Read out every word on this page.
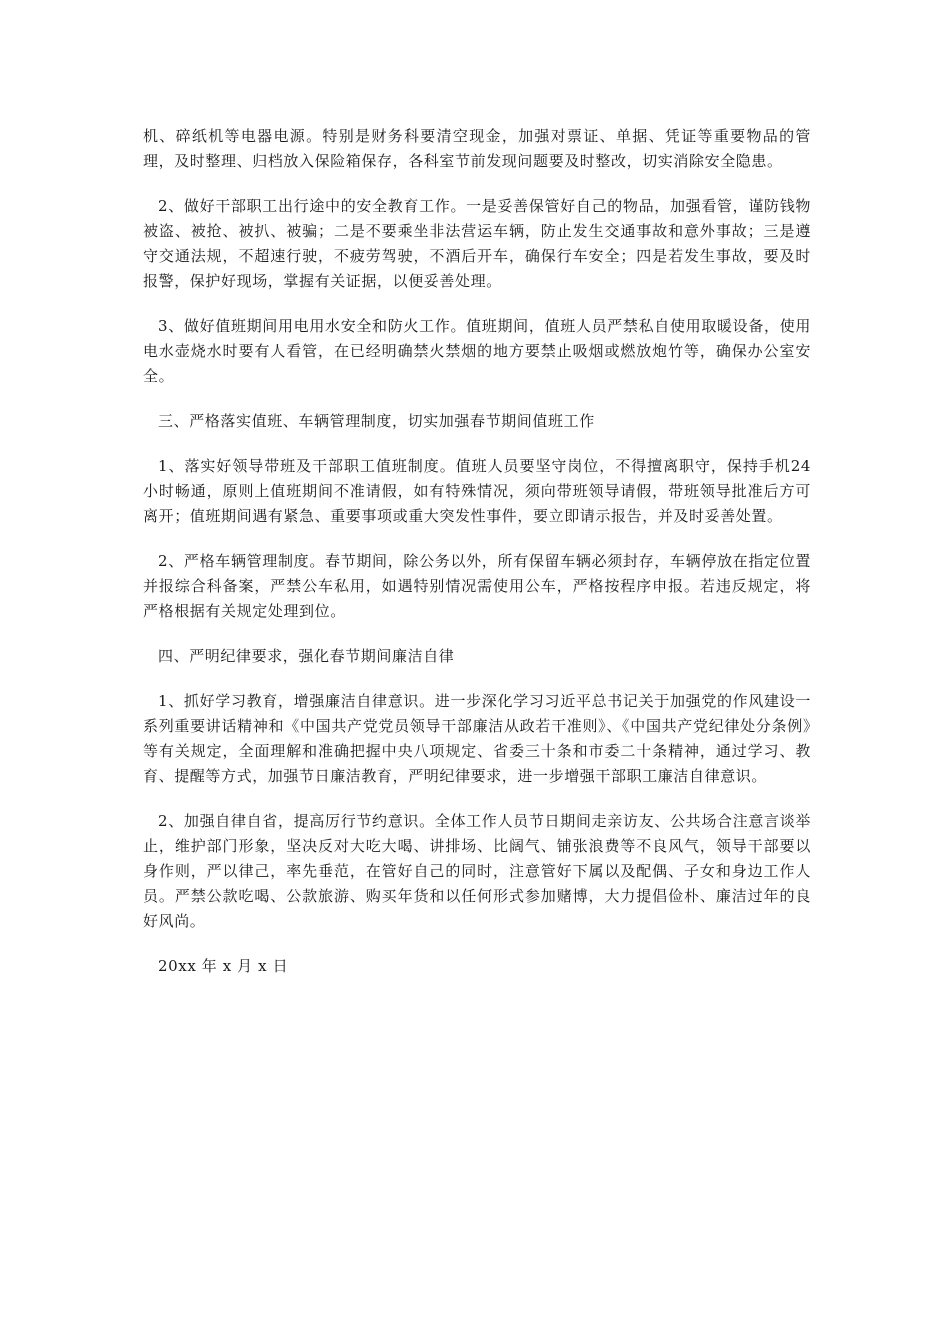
机、碎纸机等电器电源。特别是财务科要清空现金，加强对票证、单据、凭证等重要物品的管理，及时整理、归档放入保险箱保存，各科室节前发现问题要及时整改，切实消除安全隐患。

2、做好干部职工出行途中的安全教育工作。一是妥善保管好自己的物品，加强看管，谨防钱物被盗、被抢、被扒、被骗；二是不要乘坐非法营运车辆，防止发生交通事故和意外事故；三是遵守交通法规，不超速行驶，不疲劳驾驶，不酒后开车，确保行车安全；四是若发生事故，要及时报警，保护好现场，掌握有关证据，以便妥善处理。

3、做好值班期间用电用水安全和防火工作。值班期间，值班人员严禁私自使用取暖设备，使用电水壶烧水时要有人看管，在已经明确禁火禁烟的地方要禁止吸烟或燃放炮竹等，确保办公室安全。

三、严格落实值班、车辆管理制度，切实加强春节期间值班工作

1、落实好领导带班及干部职工值班制度。值班人员要坚守岗位，不得擅离职守，保持手机24小时畅通，原则上值班期间不准请假，如有特殊情况，须向带班领导请假，带班领导批准后方可离开；值班期间遇有紧急、重要事项或重大突发性事件，要立即请示报告，并及时妥善处置。

2、严格车辆管理制度。春节期间，除公务以外，所有保留车辆必须封存，车辆停放在指定位置并报综合科备案，严禁公车私用，如遇特别情况需使用公车，严格按程序申报。若违反规定，将严格根据有关规定处理到位。

四、严明纪律要求，强化春节期间廉洁自律

1、抓好学习教育，增强廉洁自律意识。进一步深化学习习近平总书记关于加强党的作风建设一系列重要讲话精神和《中国共产党党员领导干部廉洁从政若干准则》、《中国共产党纪律处分条例》等有关规定，全面理解和准确把握中央八项规定、省委三十条和市委二十条精神，通过学习、教育、提醒等方式，加强节日廉洁教育，严明纪律要求，进一步增强干部职工廉洁自律意识。

2、加强自律自省，提高厉行节约意识。全体工作人员节日期间走亲访友、公共场合注意言谈举止，维护部门形象，坚决反对大吃大喝、讲排场、比阔气、铺张浪费等不良风气，领导干部要以身作则，严以律己，率先垂范，在管好自己的同时，注意管好下属以及配偶、子女和身边工作人员。严禁公款吃喝、公款旅游、购买年货和以任何形式参加赌博，大力提倡俭朴、廉洁过年的良好风尚。

20xx 年 x 月 x 日
